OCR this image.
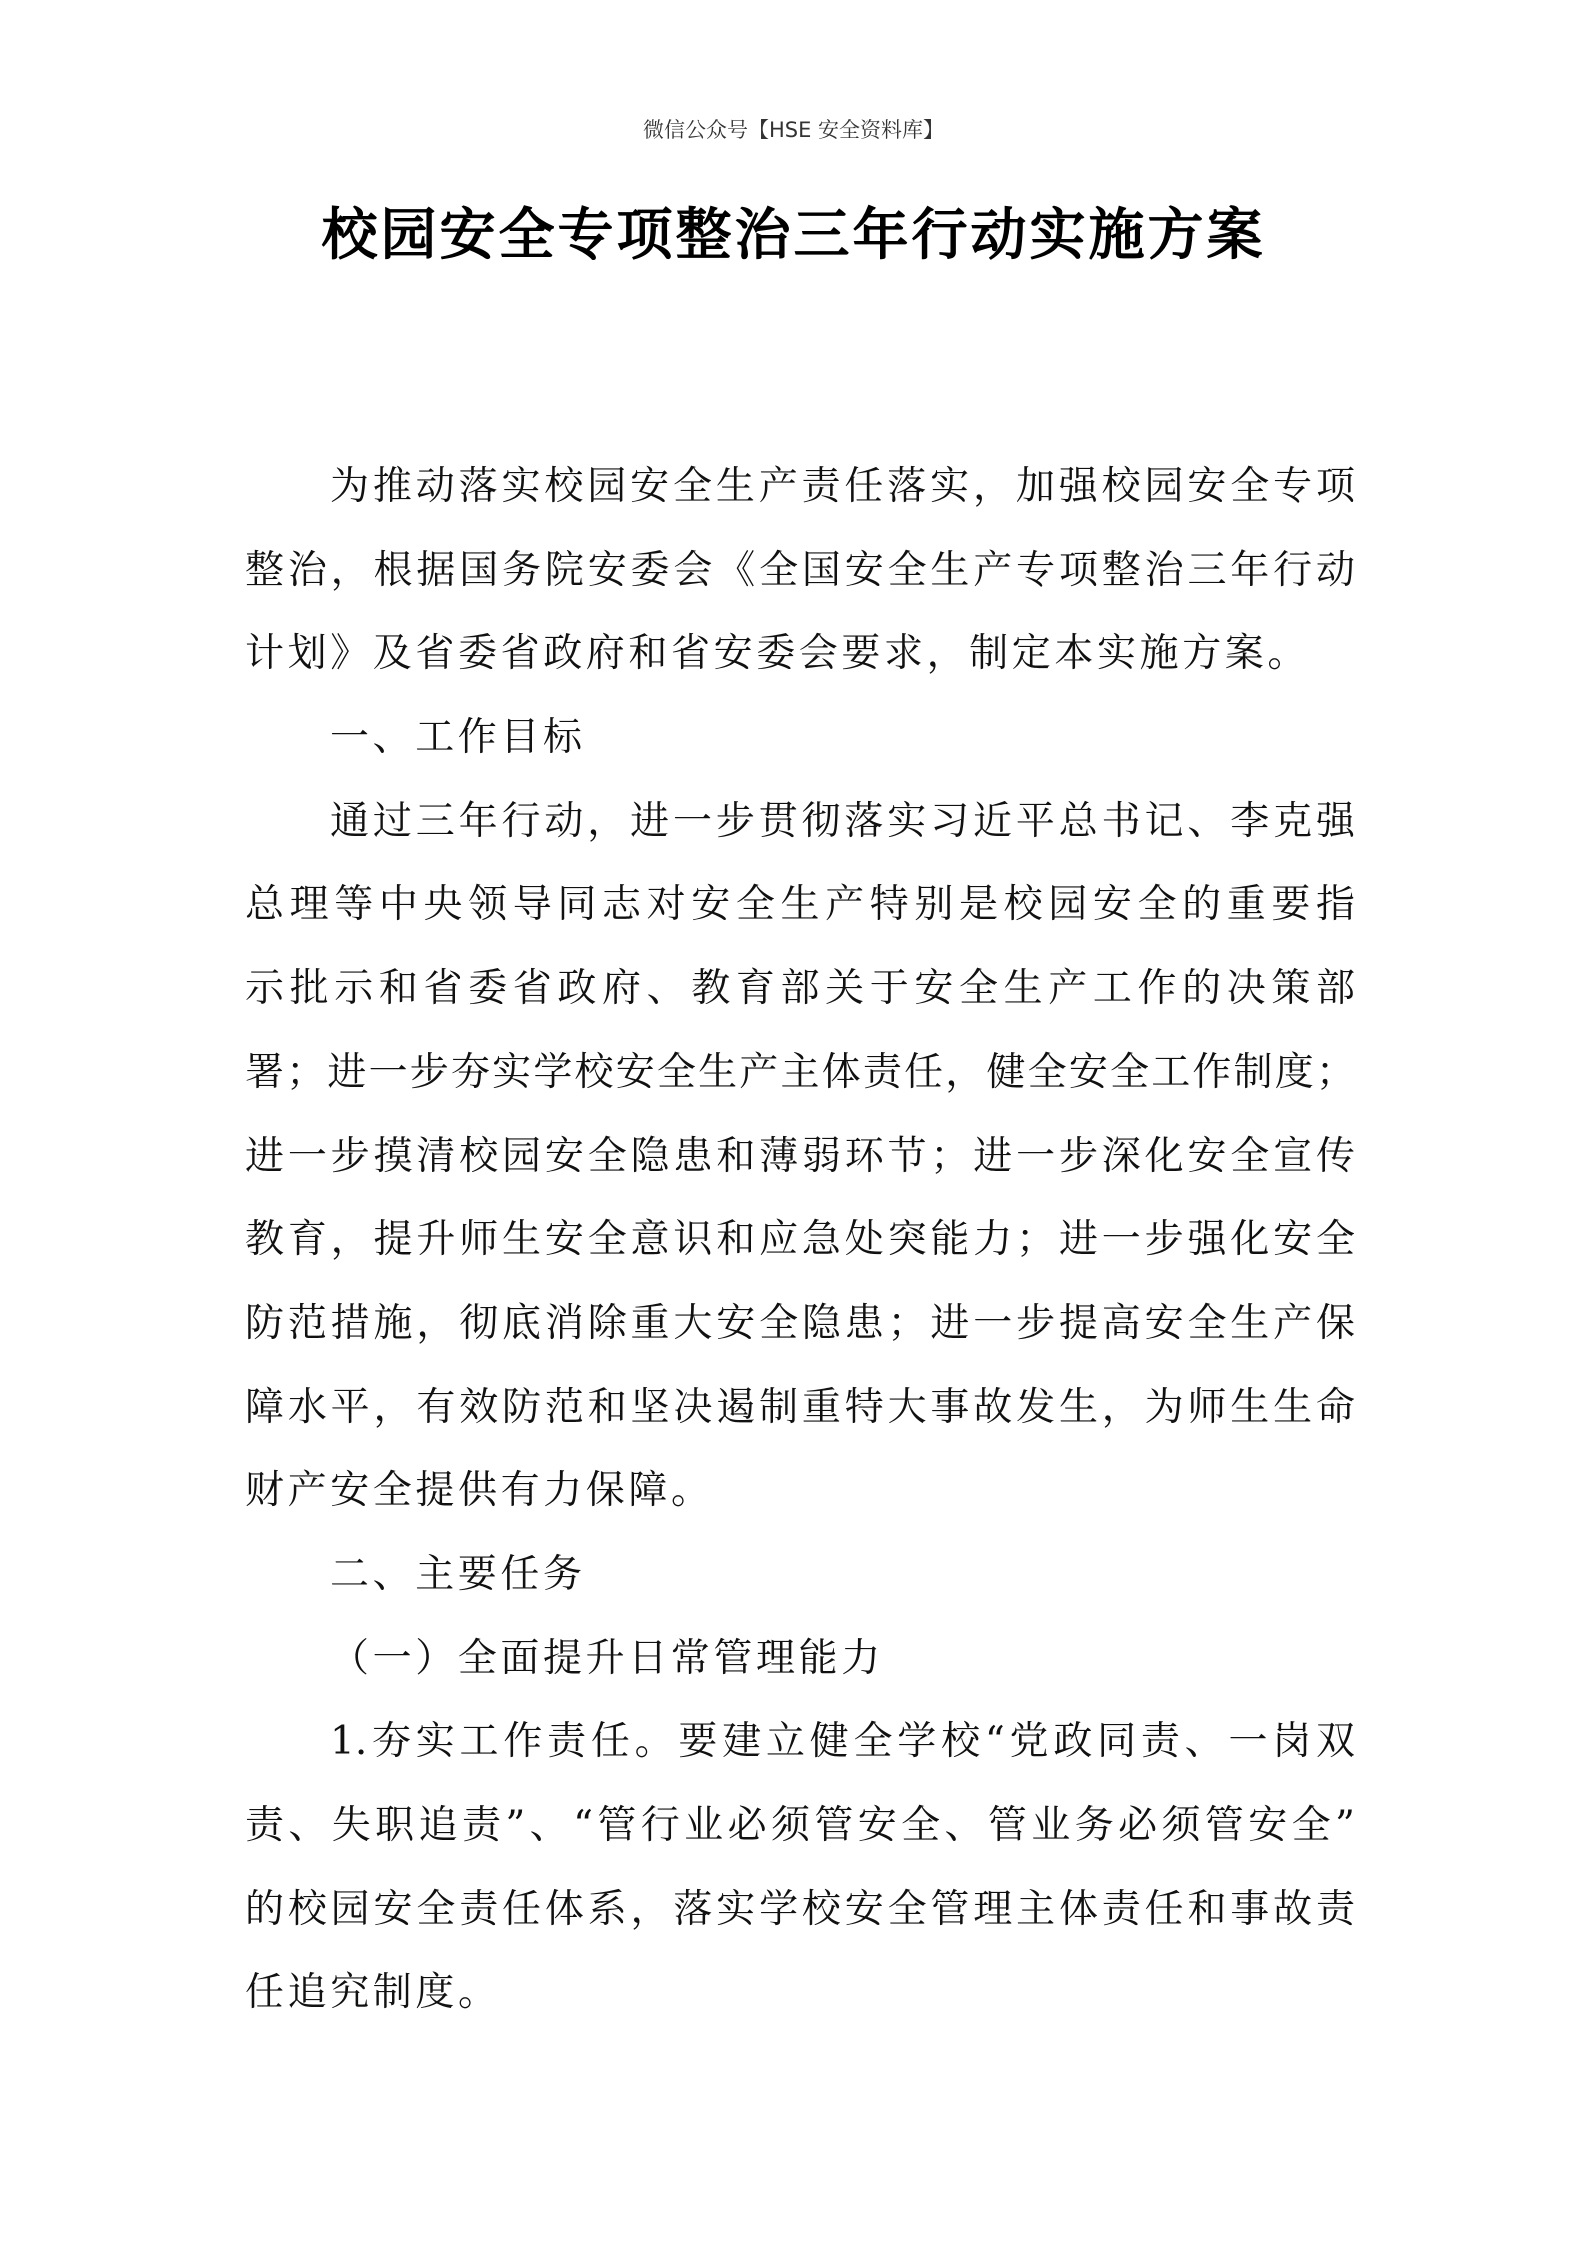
微信公众号【HSE 安全资料库】
校园安全专项整治三年行动实施方案
为推动落实校园安全生产责任落实，加强校园安全专项
整治，根据国务院安委会《全国安全生产专项整治三年行动
计划》及省委省政府和省安委会要求，制定本实施方案。
一、工作目标
通过三年行动，进一步贯彻落实习近平总书记、李克强
总理等中央领导同志对安全生产特别是校园安全的重要指
示批示和省委省政府、教育部关于安全生产工作的决策部
署；进一步夯实学校安全生产主体责任，健全安全工作制度；
进一步摸清校园安全隐患和薄弱环节；进一步深化安全宣传
教育，提升师生安全意识和应急处突能力；进一步强化安全
防范措施，彻底消除重大安全隐患；进一步提高安全生产保
障水平，有效防范和坚决遏制重特大事故发生，为师生生命
财产安全提供有力保障。
二、主要任务
（一）全面提升日常管理能力
1.夯实工作责任。要建立健全学校“党政同责、一岗双
责、失职追责”、“管行业必须管安全、管业务必须管安全”
的校园安全责任体系，落实学校安全管理主体责任和事故责
任追究制度。
